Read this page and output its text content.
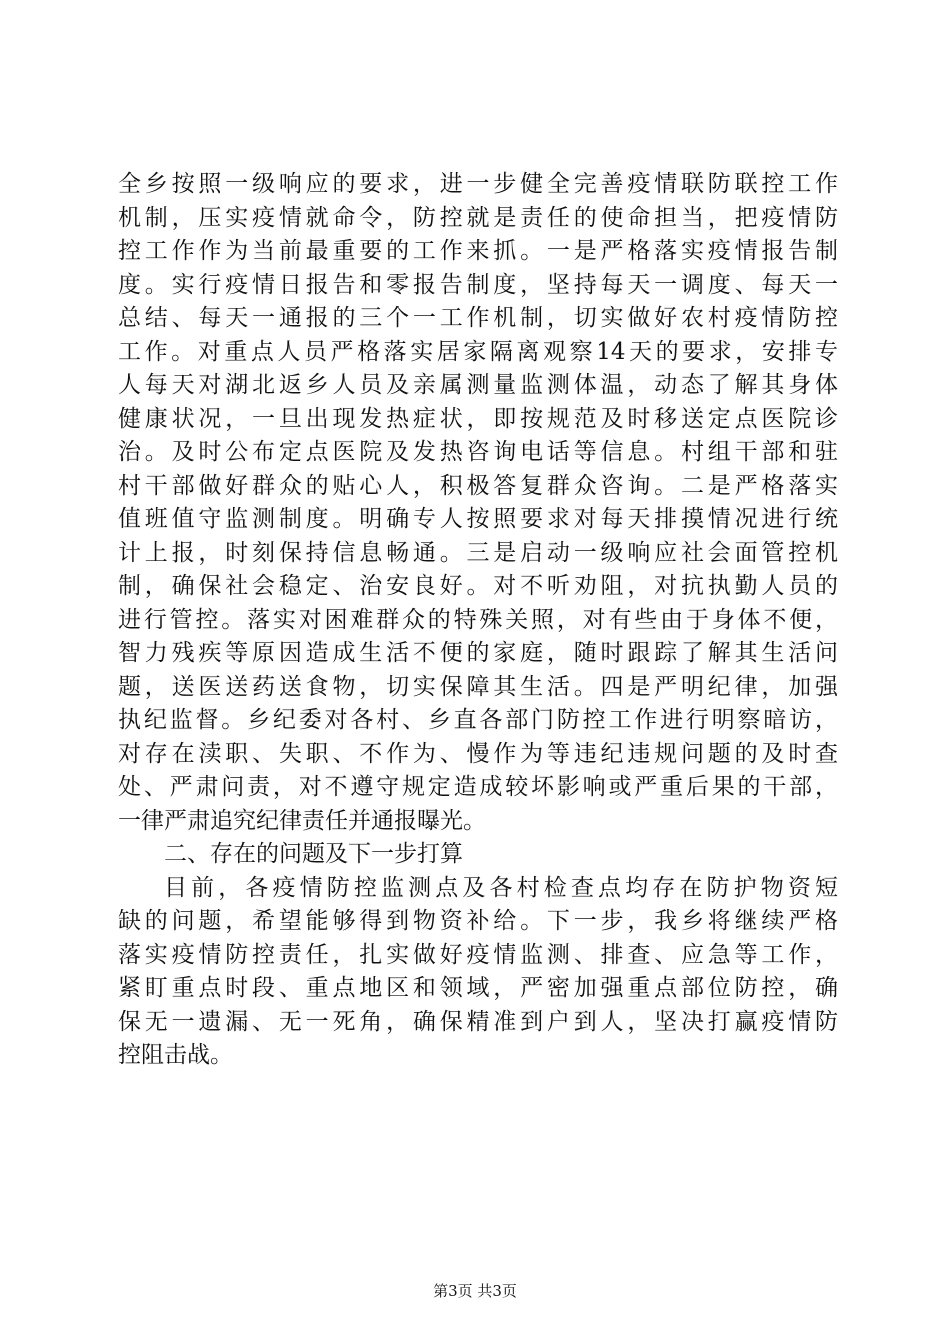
全乡按照一级响应的要求，进一步健全完善疫情联防联控工作
机制，压实疫情就命令，防控就是责任的使命担当，把疫情防
控工作作为当前最重要的工作来抓。一是严格落实疫情报告制
度。实行疫情日报告和零报告制度，坚持每天一调度、每天一
总结、每天一通报的三个一工作机制，切实做好农村疫情防控
工作。对重点人员严格落实居家隔离观察14天的要求，安排专
人每天对湖北返乡人员及亲属测量监测体温，动态了解其身体
健康状况，一旦出现发热症状，即按规范及时移送定点医院诊
治。及时公布定点医院及发热咨询电话等信息。村组干部和驻
村干部做好群众的贴心人，积极答复群众咨询。二是严格落实
值班值守监测制度。明确专人按照要求对每天排摸情况进行统
计上报，时刻保持信息畅通。三是启动一级响应社会面管控机
制，确保社会稳定、治安良好。对不听劝阻，对抗执勤人员的
进行管控。落实对困难群众的特殊关照，对有些由于身体不便，
智力残疾等原因造成生活不便的家庭，随时跟踪了解其生活问
题，送医送药送食物，切实保障其生活。四是严明纪律，加强
执纪监督。乡纪委对各村、乡直各部门防控工作进行明察暗访，
对存在渎职、失职、不作为、慢作为等违纪违规问题的及时查
处、严肃问责，对不遵守规定造成较坏影响或严重后果的干部，
一律严肃追究纪律责任并通报曝光。
二、存在的问题及下一步打算
目前，各疫情防控监测点及各村检查点均存在防护物资短
缺的问题，希望能够得到物资补给。下一步，我乡将继续严格
落实疫情防控责任，扎实做好疫情监测、排查、应急等工作，
紧盯重点时段、重点地区和领域，严密加强重点部位防控，确
保无一遗漏、无一死角，确保精准到户到人，坚决打赢疫情防
控阻击战。
第3页 共3页
